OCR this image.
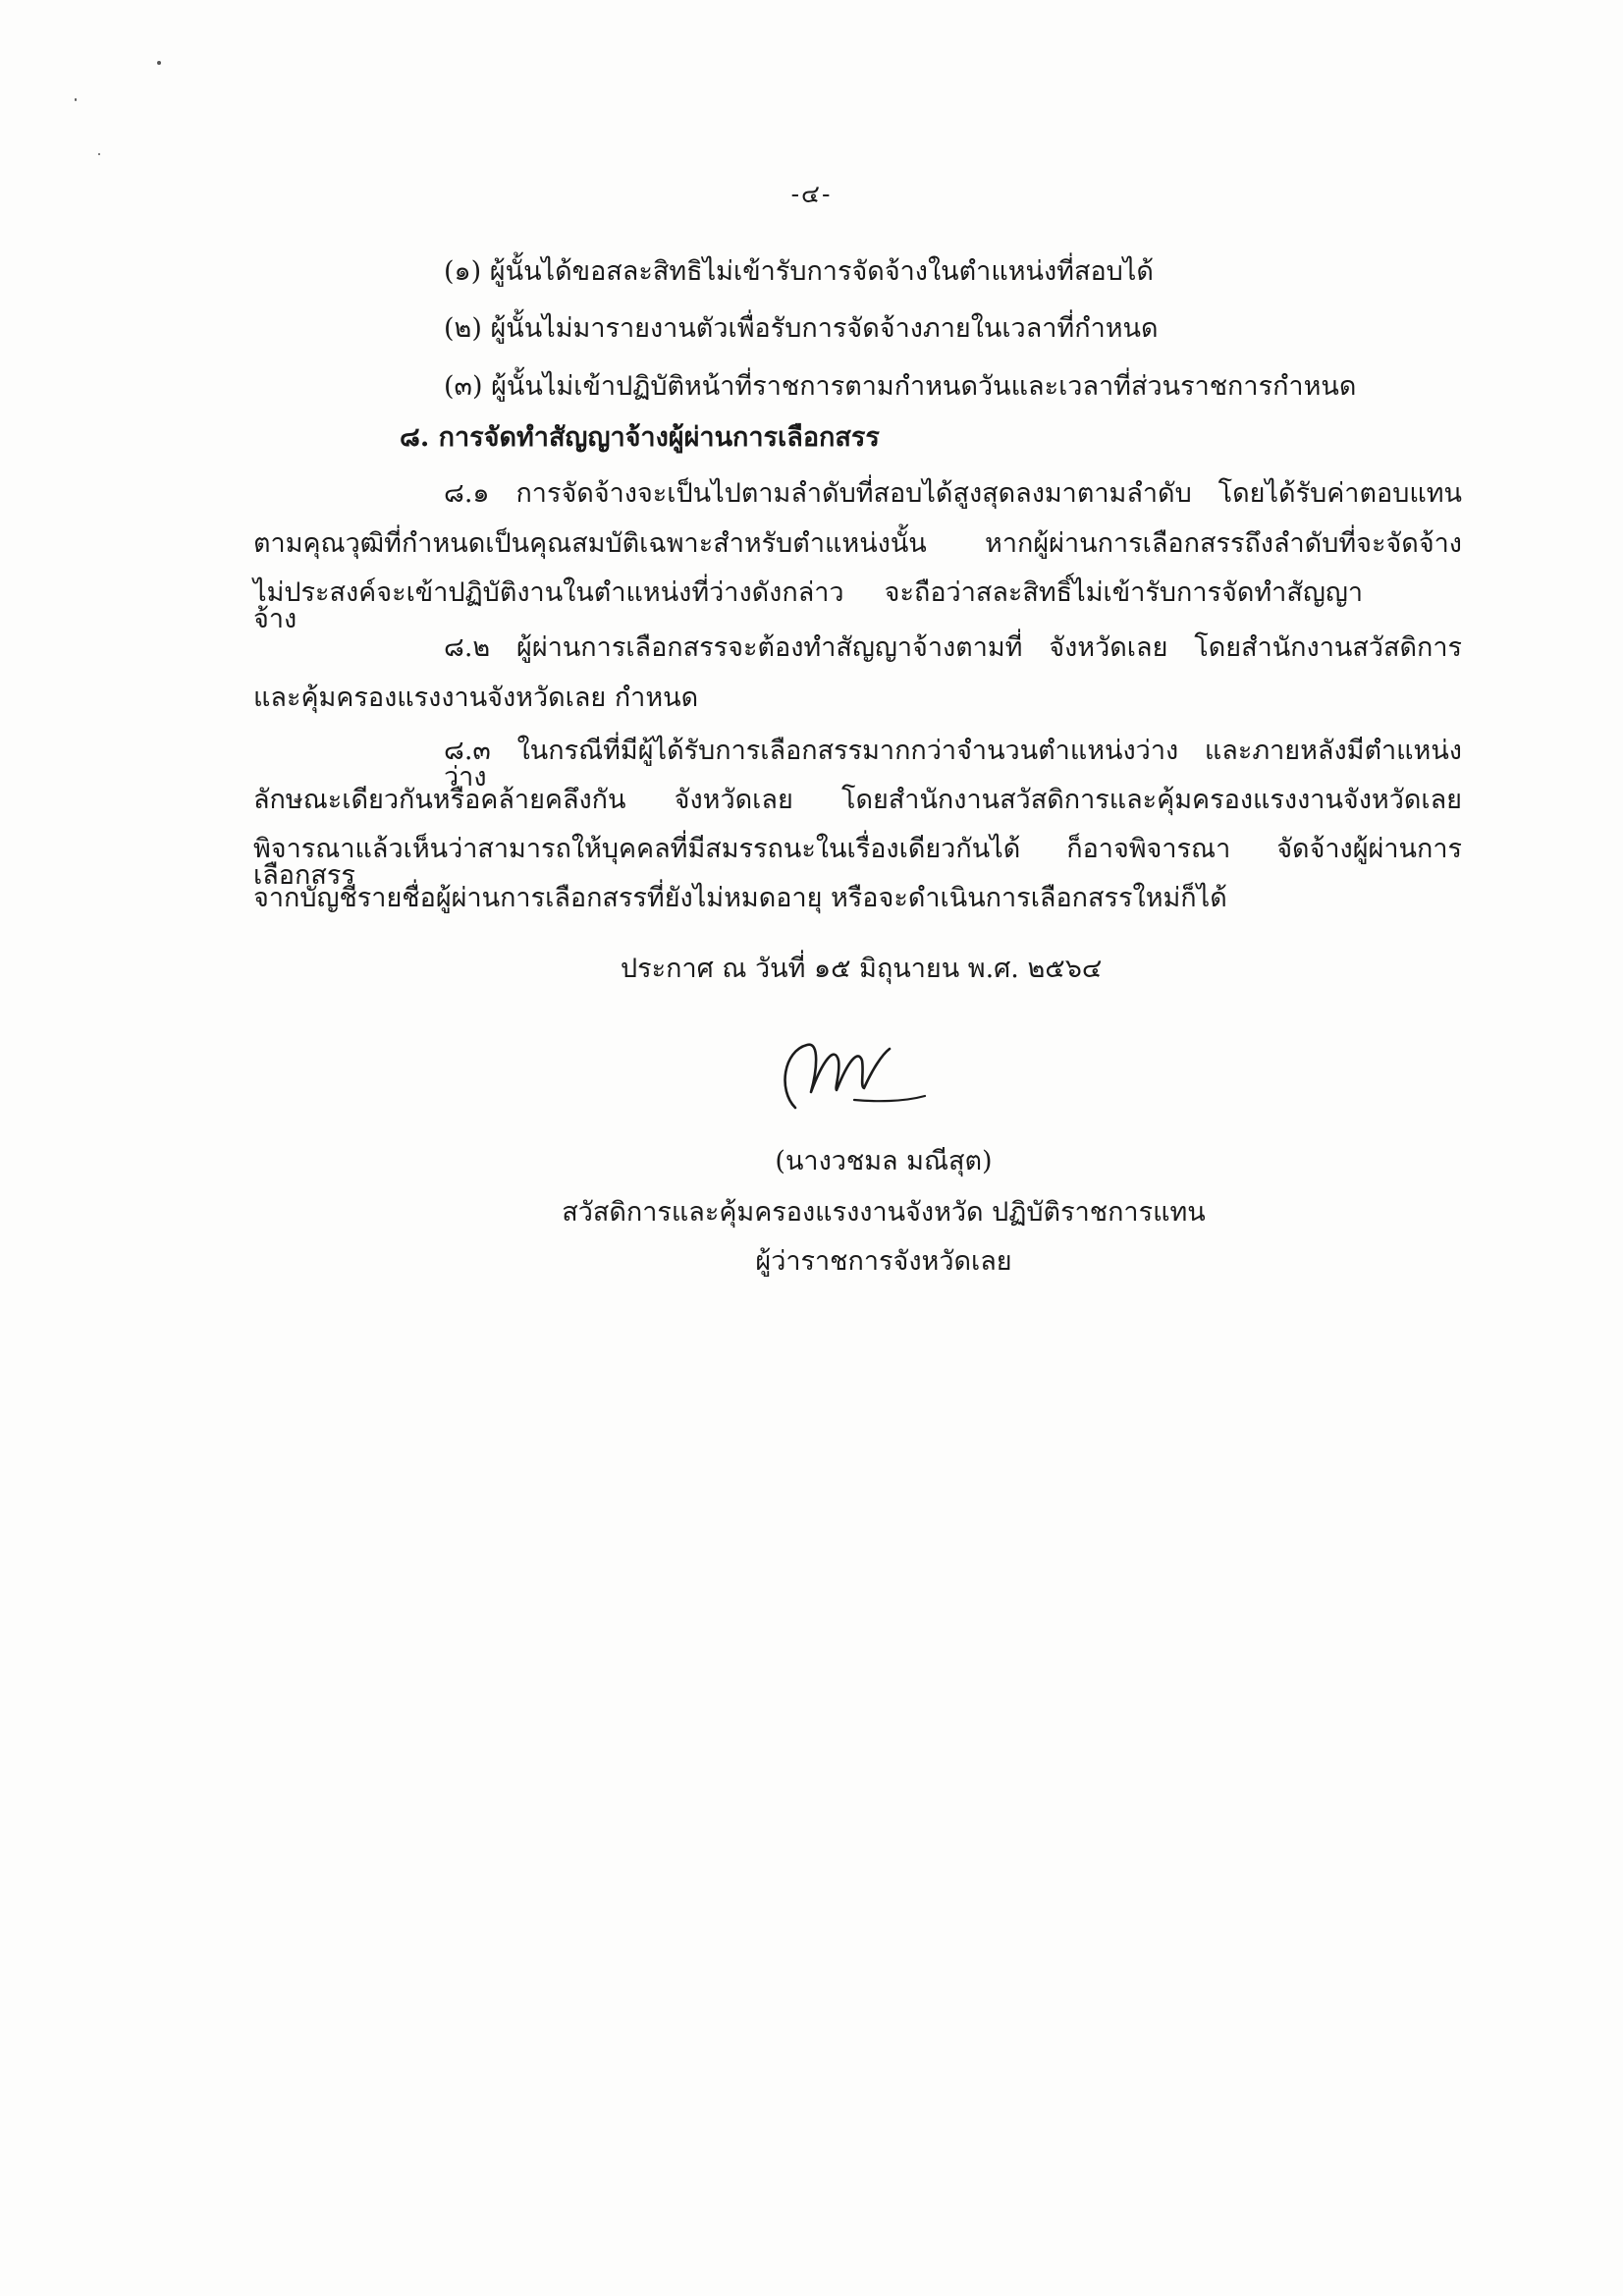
-๔-
(๑) ผู้นั้นได้ขอสละสิทธิไม่เข้ารับการจัดจ้างในตำแหน่งที่สอบได้
(๒) ผู้นั้นไม่มารายงานตัวเพื่อรับการจัดจ้างภายในเวลาที่กำหนด
(๓) ผู้นั้นไม่เข้าปฏิบัติหน้าที่ราชการตามกำหนดวันและเวลาที่ส่วนราชการกำหนด
๘. การจัดทำสัญญาจ้างผู้ผ่านการเลือกสรร
๘.๑ การจัดจ้างจะเป็นไปตามลำดับที่สอบได้สูงสุดลงมาตามลำดับ โดยได้รับค่าตอบแทน
ตามคุณวุฒิที่กำหนดเป็นคุณสมบัติเฉพาะสำหรับตำแหน่งนั้น หากผู้ผ่านการเลือกสรรถึงลำดับที่จะจัดจ้าง
ไม่ประสงค์จะเข้าปฏิบัติงานในตำแหน่งที่ว่างดังกล่าว จะถือว่าสละสิทธิ์ไม่เข้ารับการจัดทำสัญญาจ้าง
๘.๒ ผู้ผ่านการเลือกสรรจะต้องทำสัญญาจ้างตามที่ จังหวัดเลย โดยสำนักงานสวัสดิการ
และคุ้มครองแรงงานจังหวัดเลย กำหนด
๘.๓ ในกรณีที่มีผู้ได้รับการเลือกสรรมากกว่าจำนวนตำแหน่งว่าง และภายหลังมีตำแหน่งว่าง
ลักษณะเดียวกันหรือคล้ายคลึงกัน จังหวัดเลย โดยสำนักงานสวัสดิการและคุ้มครองแรงงานจังหวัดเลย
พิจารณาแล้วเห็นว่าสามารถให้บุคคลที่มีสมรรถนะในเรื่องเดียวกันได้ ก็อาจพิจารณา จัดจ้างผู้ผ่านการเลือกสรร
จากบัญชีรายชื่อผู้ผ่านการเลือกสรรที่ยังไม่หมดอายุ หรือจะดำเนินการเลือกสรรใหม่ก็ได้
ประกาศ ณ วันที่ ๑๕ มิถุนายน พ.ศ. ๒๕๖๔
(นางวชมล มณีสุต)
สวัสดิการและคุ้มครองแรงงานจังหวัด ปฏิบัติราชการแทน
ผู้ว่าราชการจังหวัดเลย
